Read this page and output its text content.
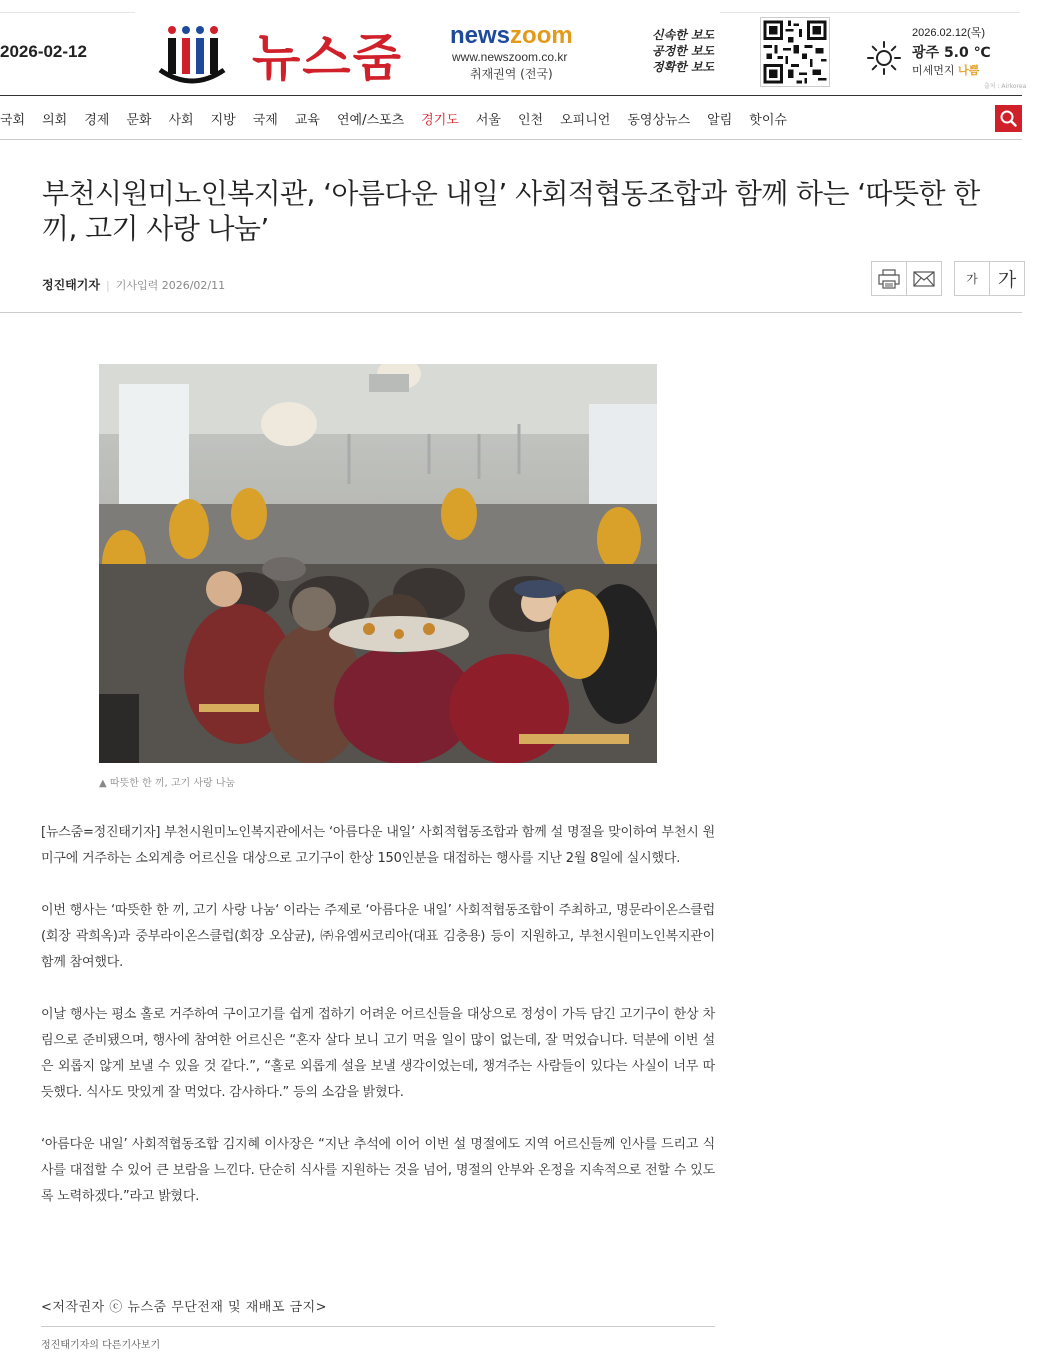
2026-02-12	뉴스줌 newszoom
www.newszoom.co.kr
취재권역 (전국)
신속한 보도
공정한 보도
정확한 보도
2026.02.12(목)
광주 5.0 ℃
미세먼지 나쁨
출처 : Airkorea
국회 의회 경제 문화 사회 지방 국제 교육 연예/스포츠 경기도 서울 인천 오피니언 동영상뉴스 알림 핫이슈
부천시원미노인복지관, ‘아름다운 내일’ 사회적협동조합과 함께 하는 ‘따뜻한 한 끼, 고기 사랑 나눔’
정진태기자 | 기사입력 2026/02/11	가 가
▲ 따뜻한 한 끼, 고기 사랑 나눔

[뉴스줌=정진태기자] 부천시원미노인복지관에서는 ‘아름다운 내일’ 사회적협동조합과 함께 설 명절을 맞이하여 부천시 원미구에 거주하는 소외계층 어르신을 대상으로 고기구이 한상 150인분을 대접하는 행사를 지난 2월 8일에 실시했다.

이번 행사는 ‘따뜻한 한 끼, 고기 사랑 나눔‘ 이라는 주제로 ‘아름다운 내일’ 사회적협동조합이 주최하고, 명문라이온스클럽(회장 곽희옥)과 중부라이온스클럽(회장 오삼균), ㈜유엠씨코리아(대표 김충용) 등이 지원하고, 부천시원미노인복지관이 함께 참여했다.

이날 행사는 평소 홀로 거주하여 구이고기를 쉽게 접하기 어려운 어르신들을 대상으로 정성이 가득 담긴 고기구이 한상 차림으로 준비됐으며, 행사에 참여한 어르신은 “혼자 살다 보니 고기 먹을 일이 많이 없는데, 잘 먹었습니다. 덕분에 이번 설은 외롭지 않게 보낼 수 있을 것 같다.”, “홀로 외롭게 설을 보낼 생각이었는데, 챙겨주는 사람들이 있다는 사실이 너무 따듯했다. 식사도 맛있게 잘 먹었다. 감사하다.” 등의 소감을 밝혔다.

‘아름다운 내일’ 사회적협동조합 김지혜 이사장은 “지난 추석에 이어 이번 설 명절에도 지역 어르신들께 인사를 드리고 식사를 대접할 수 있어 큰 보람을 느낀다. 단순히 식사를 지원하는 것을 넘어, 명절의 안부와 온정을 지속적으로 전할 수 있도록 노력하겠다.”라고 밝혔다.

<저작권자 ⓒ 뉴스줌 무단전재 및 재배포 금지>
정진태기자의 다른기사보기
